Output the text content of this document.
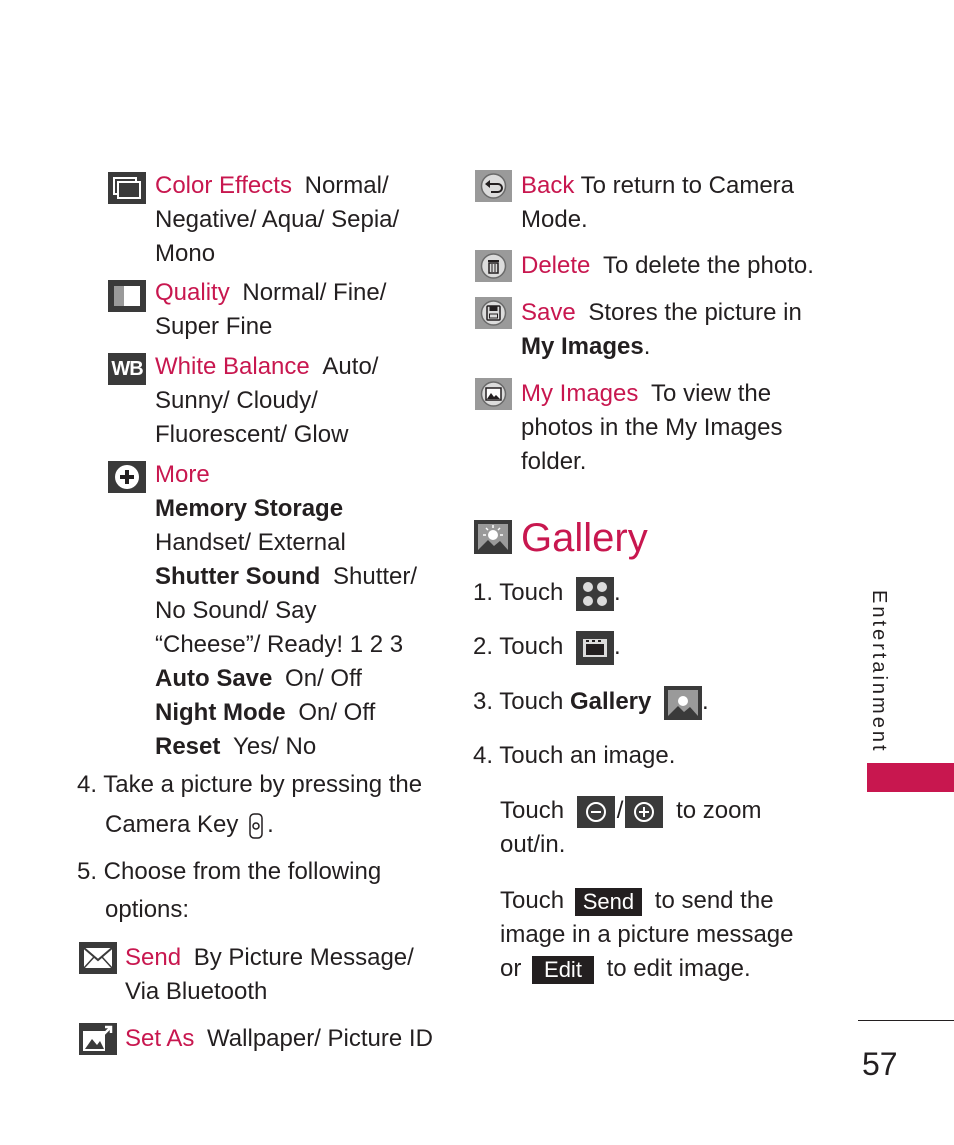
Color Effects Normal/ Negative/ Aqua/ Sepia/ Mono
Quality Normal/ Fine/ Super Fine
WB White Balance Auto/ Sunny/ Cloudy/ Fluorescent/ Glow

More

Memory Storage

Handset/ External

Shutter Sound Shutter/ No Sound/ Say “Cheese”/ Ready! 1 2 3

Auto Save On/ Off

Night Mode On/ Off

Reset Yes/ No

4. Take a picture by pressing the

Camera Key .

5. Choose from the following

options:

Send By Picture Message/ Via Bluetooth
Set As Wallpaper/ Picture ID
Back To return to Camera Mode.
Delete To delete the photo.
Save Stores the picture in My Images.
My Images To view the photos in the My Images folder.
Gallery
1. Touch .
2. Touch .
3. Touch Gallery .
4. Touch an image.
Touch / to zoom out/in.
Touch Send to send the image in a picture message or Edit to edit image.
Entertainment
57
